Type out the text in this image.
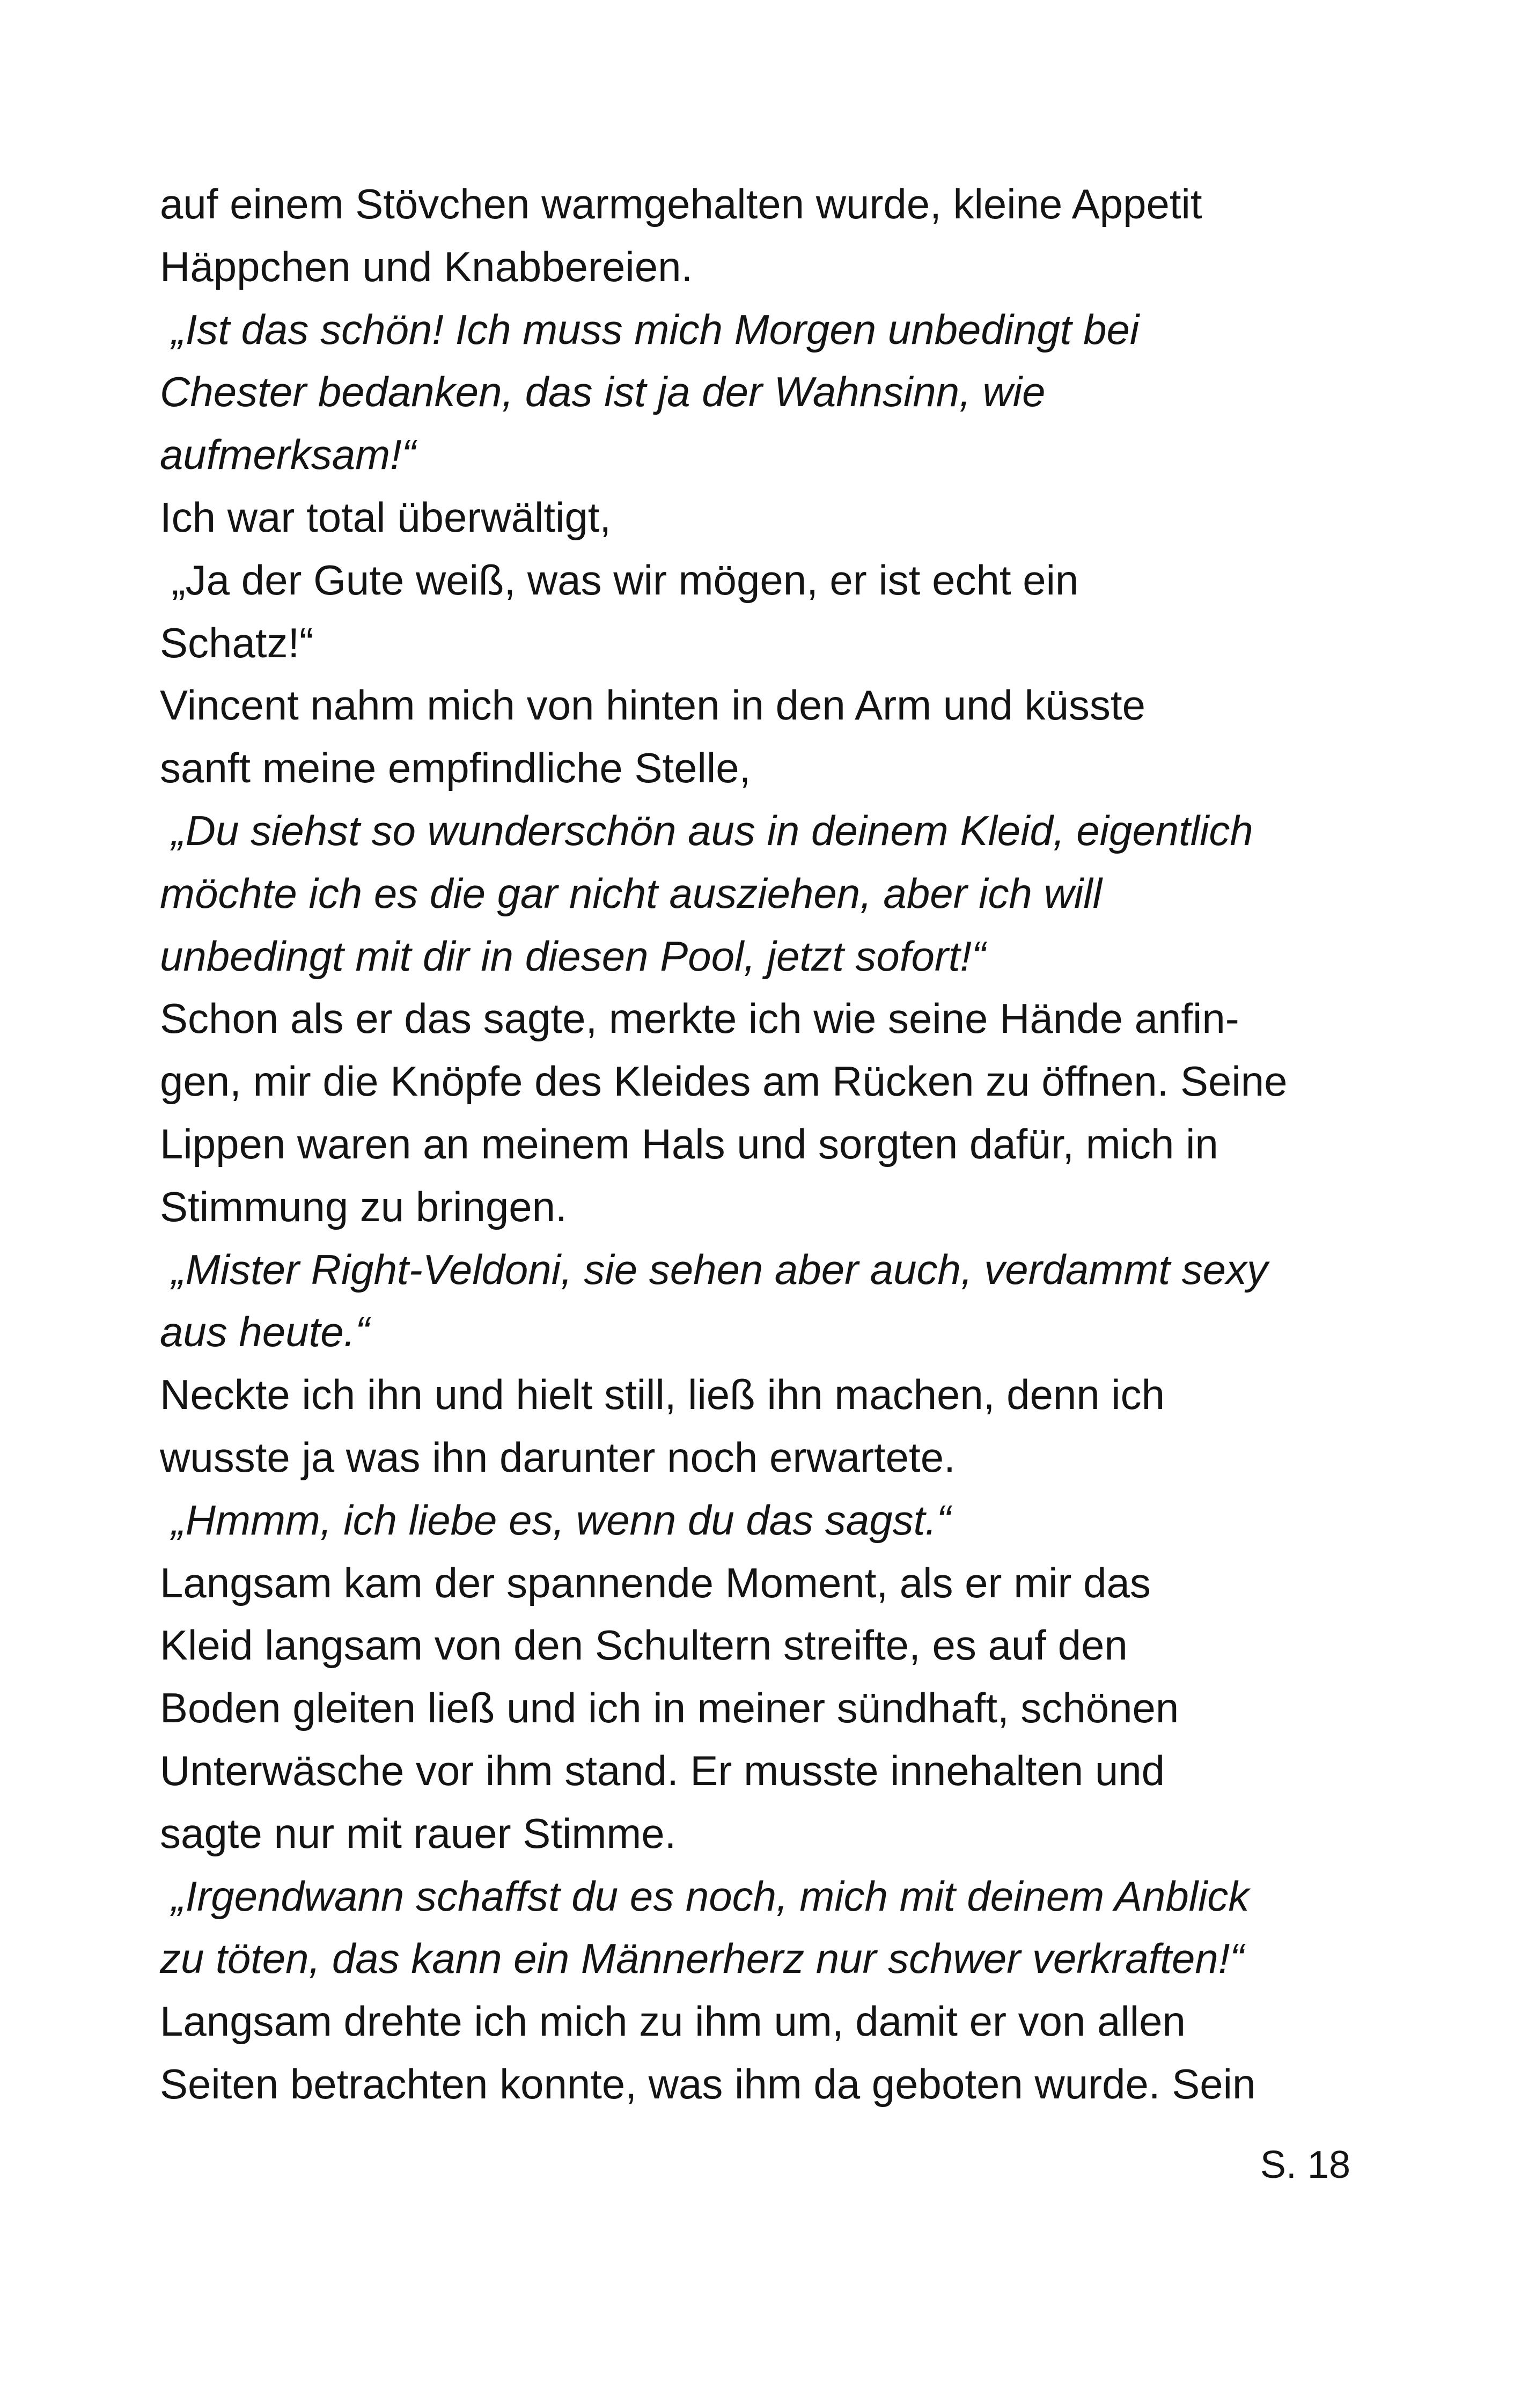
auf einem Stövchen warmgehalten wurde, kleine Appetit
Häppchen und Knabbereien.
„Ist das schön! Ich muss mich Morgen unbedingt bei
Chester bedanken, das ist ja der Wahnsinn, wie
aufmerksam!“
Ich war total überwältigt,
„Ja der Gute weiß, was wir mögen, er ist echt ein
Schatz!“
Vincent nahm mich von hinten in den Arm und küsste
sanft meine empfindliche Stelle,
„Du siehst so wunderschön aus in deinem Kleid, eigentlich
möchte ich es die gar nicht ausziehen, aber ich will
unbedingt mit dir in diesen Pool, jetzt sofort!“
Schon als er das sagte, merkte ich wie seine Hände anfin-
gen, mir die Knöpfe des Kleides am Rücken zu öffnen. Seine
Lippen waren an meinem Hals und sorgten dafür, mich in
Stimmung zu bringen.
„Mister Right-Veldoni, sie sehen aber auch, verdammt sexy
aus heute.“
Neckte ich ihn und hielt still, ließ ihn machen, denn ich
wusste ja was ihn darunter noch erwartete.
„Hmmm, ich liebe es, wenn du das sagst.“
Langsam kam der spannende Moment, als er mir das
Kleid langsam von den Schultern streifte, es auf den
Boden gleiten ließ und ich in meiner sündhaft, schönen
Unterwäsche vor ihm stand. Er musste innehalten und
sagte nur mit rauer Stimme.
„Irgendwann schaffst du es noch, mich mit deinem Anblick
zu töten, das kann ein Männerherz nur schwer verkraften!“
Langsam drehte ich mich zu ihm um, damit er von allen
Seiten betrachten konnte, was ihm da geboten wurde. Sein
S. 18
